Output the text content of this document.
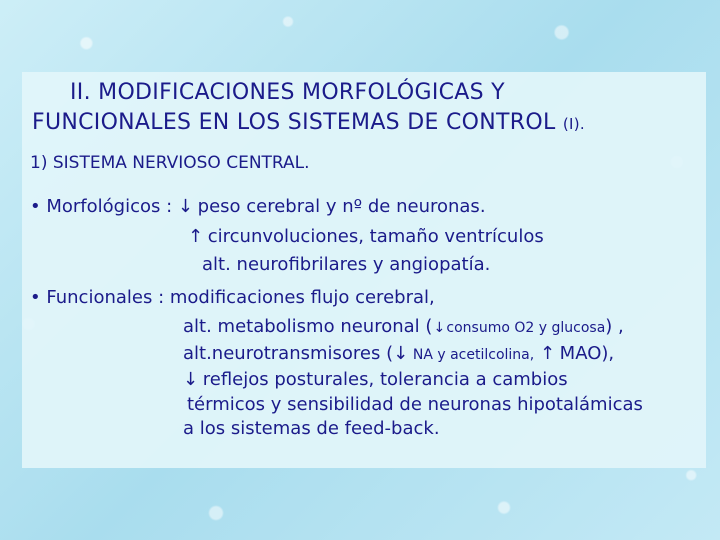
II. MODIFICACIONES MORFOLÓGICAS Y
FUNCIONALES EN LOS SISTEMAS DE CONTROL (I).
1) SISTEMA NERVIOSO CENTRAL.
• Morfológicos : ↓ peso cerebral y nº de neuronas.
↑ circunvoluciones, tamaño ventrículos
alt. neurofibrilares y angiopatía.
• Funcionales : modificaciones flujo cerebral,
alt. metabolismo neuronal (↓consumo O2 y glucosa) ,
alt.neurotransmisores (↓ NA y acetilcolina, ↑ MAO),
↓ reflejos posturales, tolerancia a cambios
térmicos y sensibilidad de neuronas hipotalámicas
a los sistemas de feed-back.
